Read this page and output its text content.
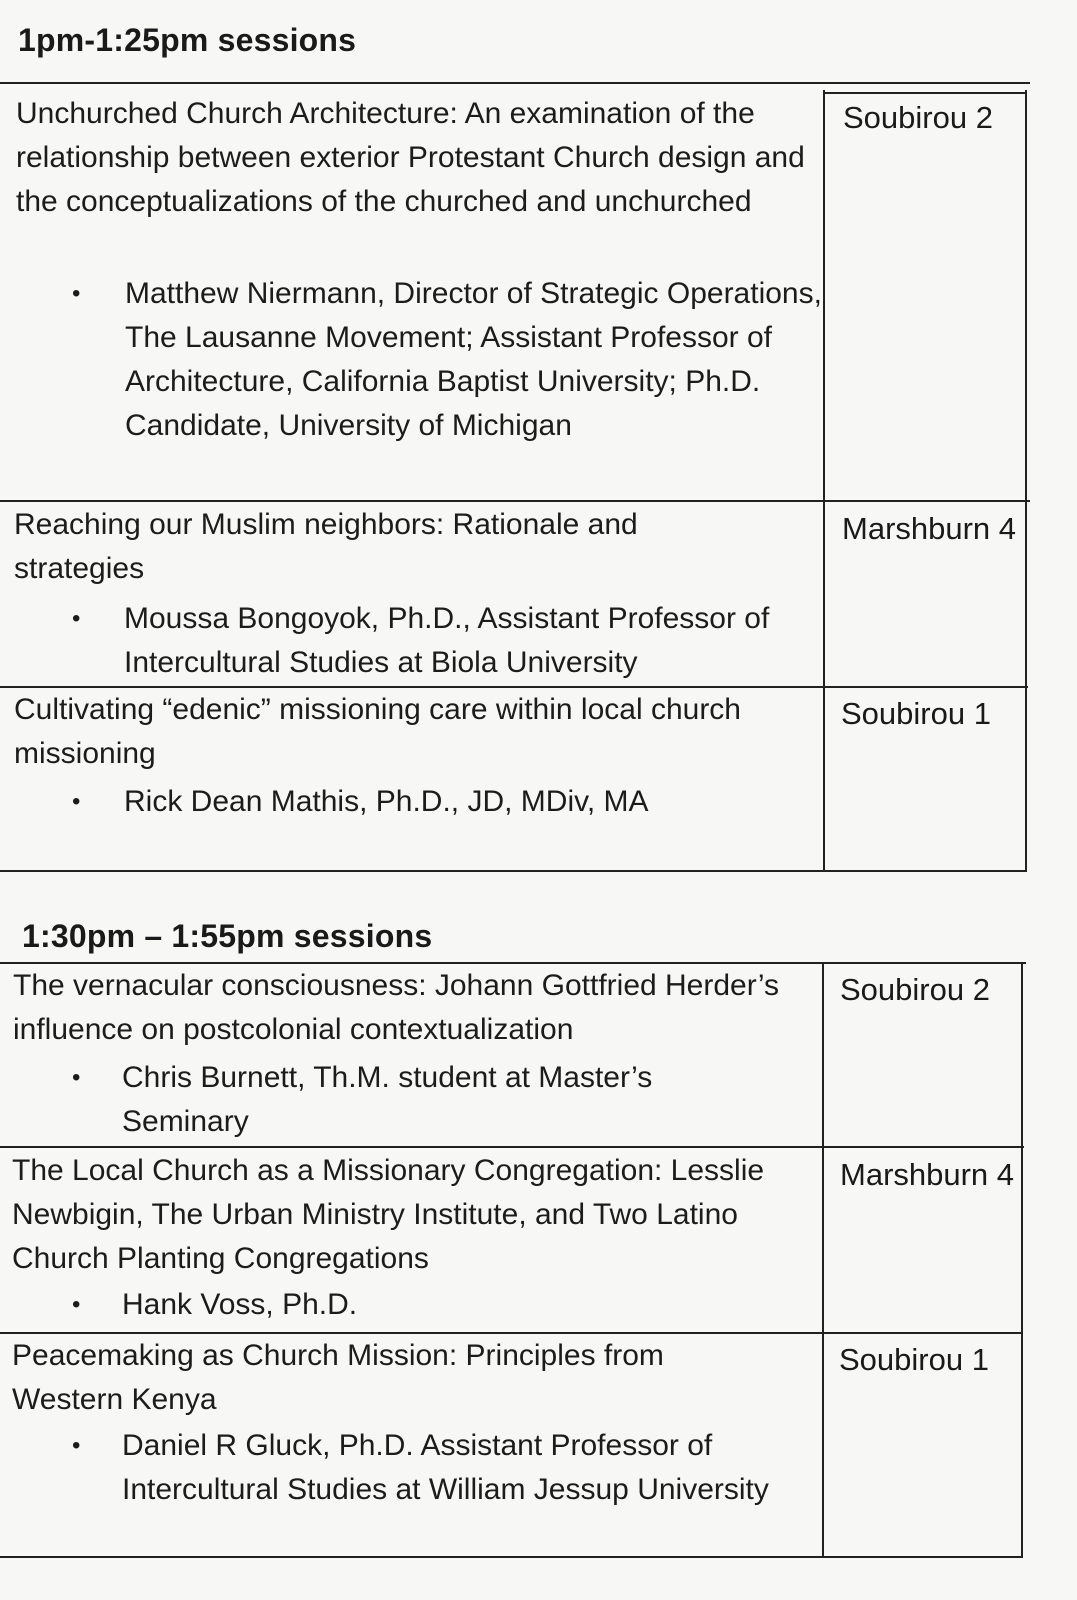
1pm-1:25pm sessions
Unchurched Church Architecture: An examination of the relationship between exterior Protestant Church design and the conceptualizations of the churched and unchurched
• Matthew Niermann, Director of Strategic Operations, The Lausanne Movement; Assistant Professor of Architecture, California Baptist University; Ph.D. Candidate, University of Michigan
Soubirou 2
Reaching our Muslim neighbors: Rationale and strategies
• Moussa Bongoyok, Ph.D., Assistant Professor of Intercultural Studies at Biola University
Marshburn 4
Cultivating “edenic” missioning care within local church missioning
• Rick Dean Mathis, Ph.D., JD, MDiv, MA
Soubirou 1
1:30pm – 1:55pm sessions
The vernacular consciousness: Johann Gottfried Herder’s influence on postcolonial contextualization
• Chris Burnett, Th.M. student at Master’s Seminary
Soubirou 2
The Local Church as a Missionary Congregation: Lesslie Newbigin, The Urban Ministry Institute, and Two Latino Church Planting Congregations
• Hank Voss, Ph.D.
Marshburn 4
Peacemaking as Church Mission: Principles from Western Kenya
• Daniel R Gluck, Ph.D. Assistant Professor of Intercultural Studies at William Jessup University
Soubirou 1
